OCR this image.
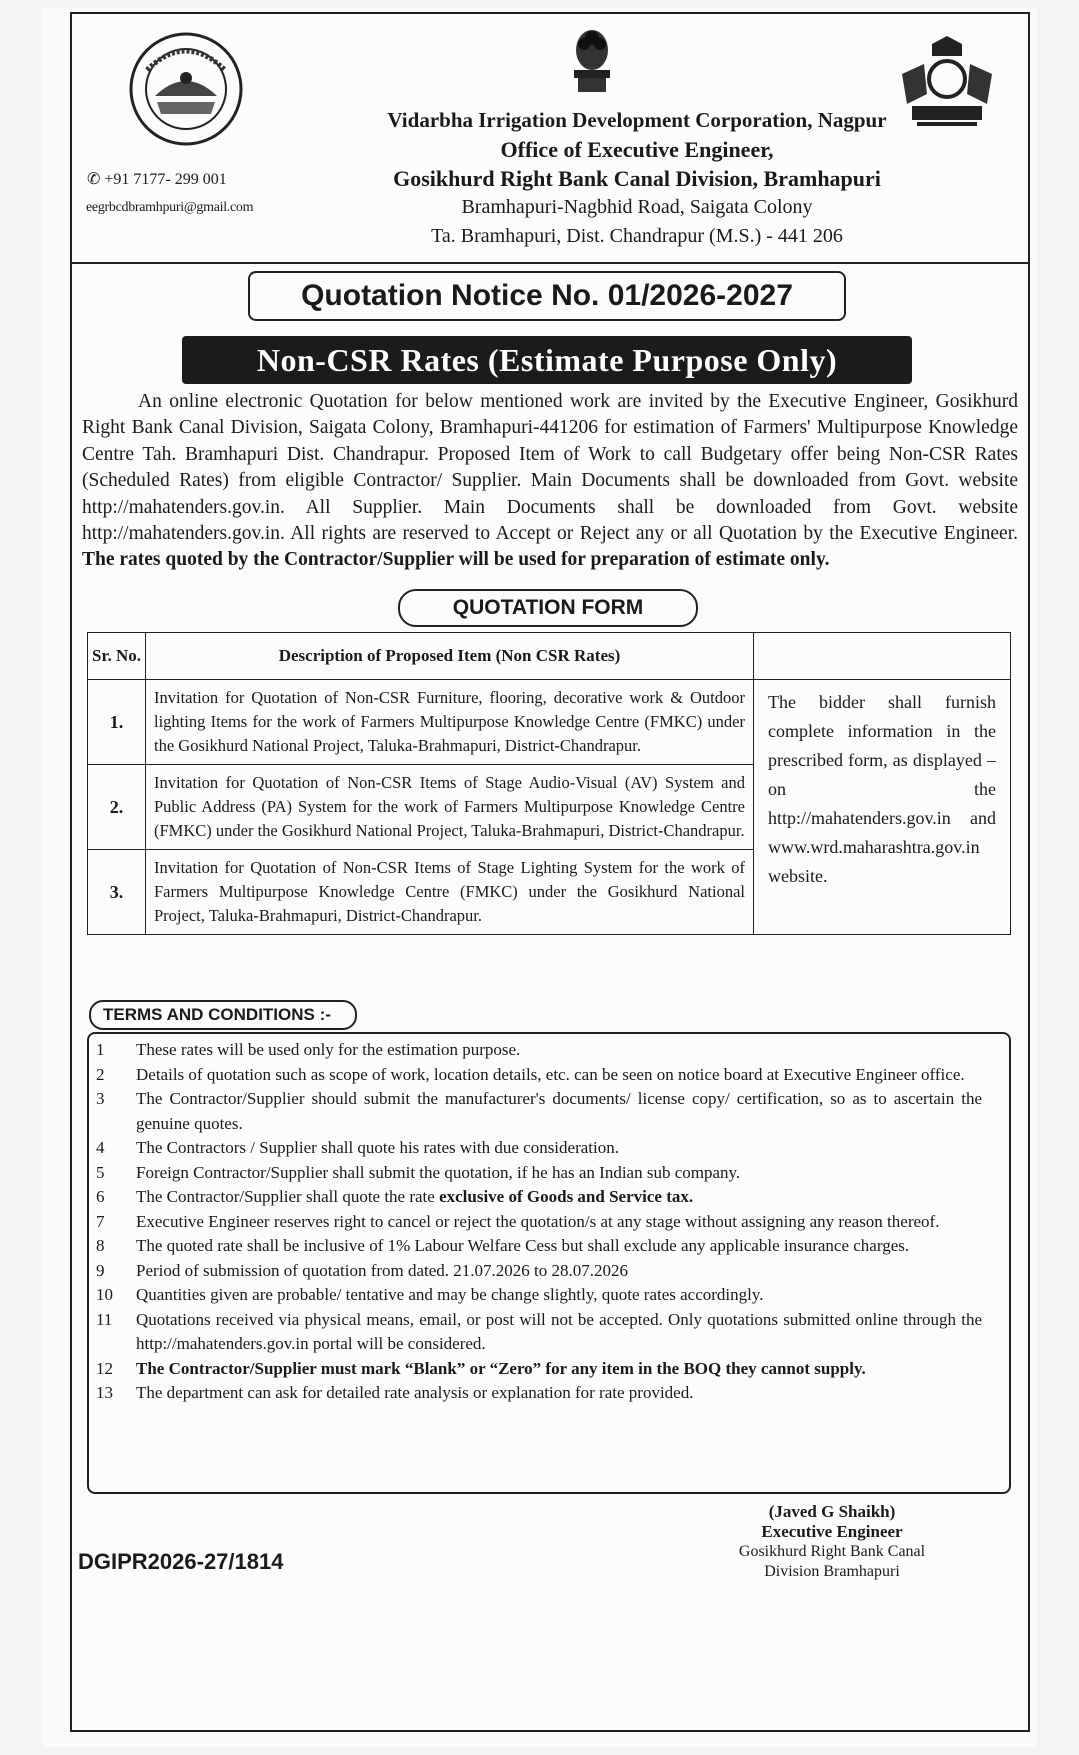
✆ +91 7177- 299 001
eegrbcdbramhpuri@gmail.com
Vidarbha Irrigation Development Corporation, Nagpur
Office of Executive Engineer,
Gosikhurd Right Bank Canal Division, Bramhapuri
Bramhapuri-Nagbhid Road, Saigata Colony
Ta. Bramhapuri, Dist. Chandrapur (M.S.) - 441 206
Quotation Notice No. 01/2026-2027
Non-CSR Rates (Estimate Purpose Only)
An online electronic Quotation for below mentioned work are invited by the Executive Engineer, Gosikhurd Right Bank Canal Division, Saigata Colony, Bramhapuri-441206 for estimation of Farmers' Multipurpose Knowledge Centre Tah. Bramhapuri Dist. Chandrapur. Proposed Item of Work to call Budgetary offer being Non-CSR Rates (Scheduled Rates) from eligible Contractor/ Supplier. Main Documents shall be downloaded from Govt. website http://mahatenders.gov.in. All Supplier. Main Documents shall be downloaded from Govt. website http://mahatenders.gov.in. All rights are reserved to Accept or Reject any or all Quotation by the Executive Engineer. The rates quoted by the Contractor/Supplier will be used for preparation of estimate only.
QUOTATION FORM
Sr. No.	Description of Proposed Item (Non CSR Rates)	
1.	Invitation for Quotation of Non-CSR Furniture, flooring, decorative work & Outdoor lighting Items for the work of Farmers Multipurpose Knowledge Centre (FMKC) under the Gosikhurd National Project, Taluka-Brahmapuri, District-Chandrapur.	The bidder shall furnish complete information in the prescribed form, as displayed – on the http://mahatenders.gov.in and www.wrd.maharashtra.gov.in website.
2.	Invitation for Quotation of Non-CSR Items of Stage Audio-Visual (AV) System and Public Address (PA) System for the work of Farmers Multipurpose Knowledge Centre (FMKC) under the Gosikhurd National Project, Taluka-Brahmapuri, District-Chandrapur.	
3.	Invitation for Quotation of Non-CSR Items of Stage Lighting System for the work of Farmers Multipurpose Knowledge Centre (FMKC) under the Gosikhurd National Project, Taluka-Brahmapuri, District-Chandrapur.	
TERMS AND CONDITIONS :-
1	These rates will be used only for the estimation purpose.
2	Details of quotation such as scope of work, location details, etc. can be seen on notice board at Executive Engineer office.
3	The Contractor/Supplier should submit the manufacturer's documents/ license copy/ certification, so as to ascertain the genuine quotes.
4	The Contractors / Supplier shall quote his rates with due consideration.
5	Foreign Contractor/Supplier shall submit the quotation, if he has an Indian sub company.
6	The Contractor/Supplier shall quote the rate exclusive of Goods and Service tax.
7	Executive Engineer reserves right to cancel or reject the quotation/s at any stage without assigning any reason thereof.
8	The quoted rate shall be inclusive of 1% Labour Welfare Cess but shall exclude any applicable insurance charges.
9	Period of submission of quotation from dated. 21.07.2026 to 28.07.2026
10	Quantities given are probable/ tentative and may be change slightly, quote rates accordingly.
11	Quotations received via physical means, email, or post will not be accepted. Only quotations submitted online through the http://mahatenders.gov.in portal will be considered.
12	The Contractor/Supplier must mark “Blank” or “Zero” for any item in the BOQ they cannot supply.
13	The department can ask for detailed rate analysis or explanation for rate provided.
(Javed G Shaikh)
Executive Engineer
Gosikhurd Right Bank Canal
Division Bramhapuri
DGIPR2026-27/1814
